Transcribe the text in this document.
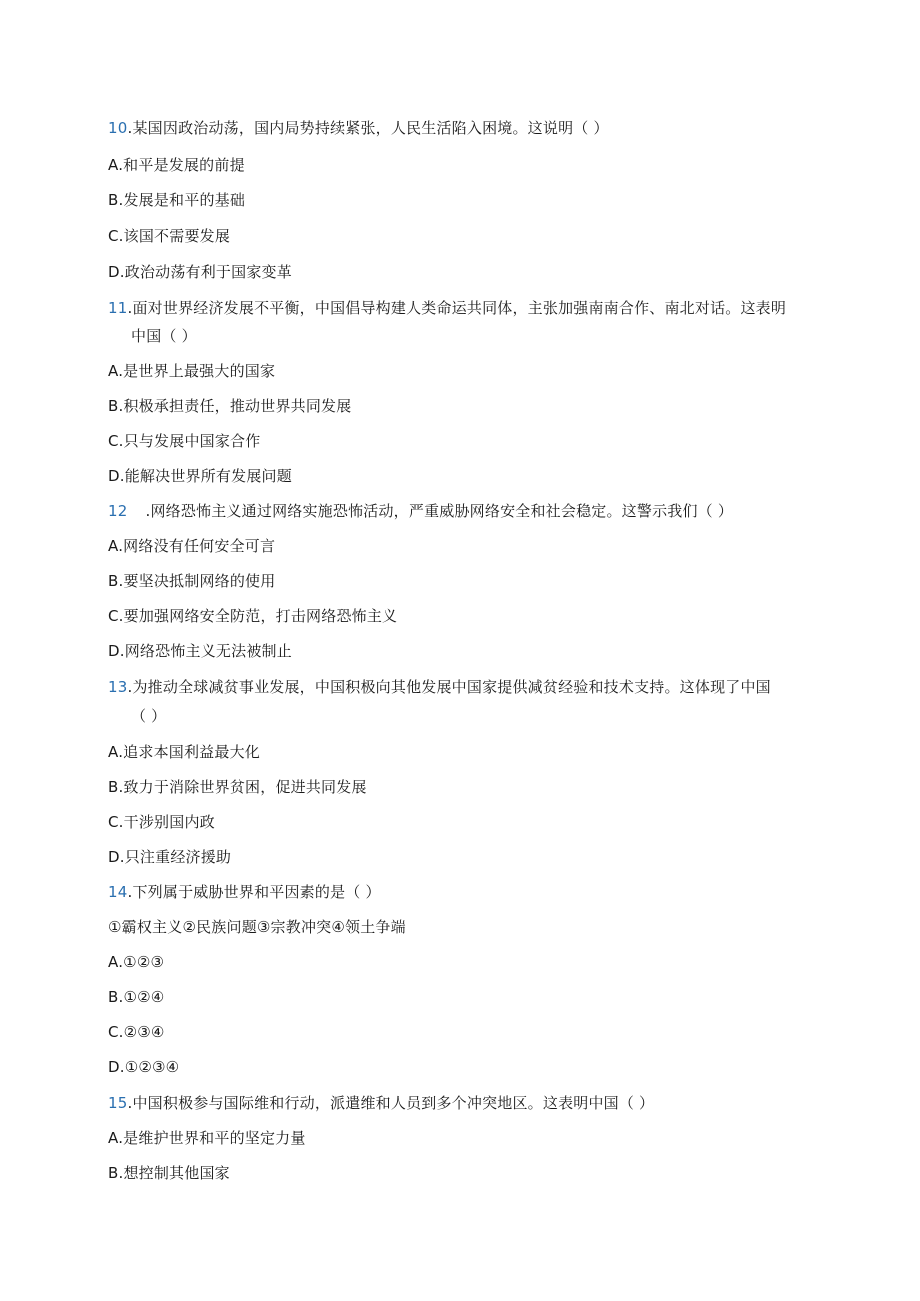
10.某国因政治动荡，国内局势持续紧张，人民生活陷入困境。这说明（ ）
A.和平是发展的前提
B.发展是和平的基础
C.该国不需要发展
D.政治动荡有利于国家变革
11.面对世界经济发展不平衡，中国倡导构建人类命运共同体，主张加强南南合作、南北对话。这表明
中国（ ）
A.是世界上最强大的国家
B.积极承担责任，推动世界共同发展
C.只与发展中国家合作
D.能解决世界所有发展问题
12 .网络恐怖主义通过网络实施恐怖活动，严重威胁网络安全和社会稳定。这警示我们（ ）
A.网络没有任何安全可言
B.要坚决抵制网络的使用
C.要加强网络安全防范，打击网络恐怖主义
D.网络恐怖主义无法被制止
13.为推动全球减贫事业发展，中国积极向其他发展中国家提供减贫经验和技术支持。这体现了中国
（ ）
A.追求本国利益最大化
B.致力于消除世界贫困，促进共同发展
C.干涉别国内政
D.只注重经济援助
14.下列属于威胁世界和平因素的是（ ）
①霸权主义②民族问题③宗教冲突④领土争端
A.①②③
B.①②④
C.②③④
D.①②③④
15.中国积极参与国际维和行动，派遣维和人员到多个冲突地区。这表明中国（ ）
A.是维护世界和平的坚定力量
B.想控制其他国家
